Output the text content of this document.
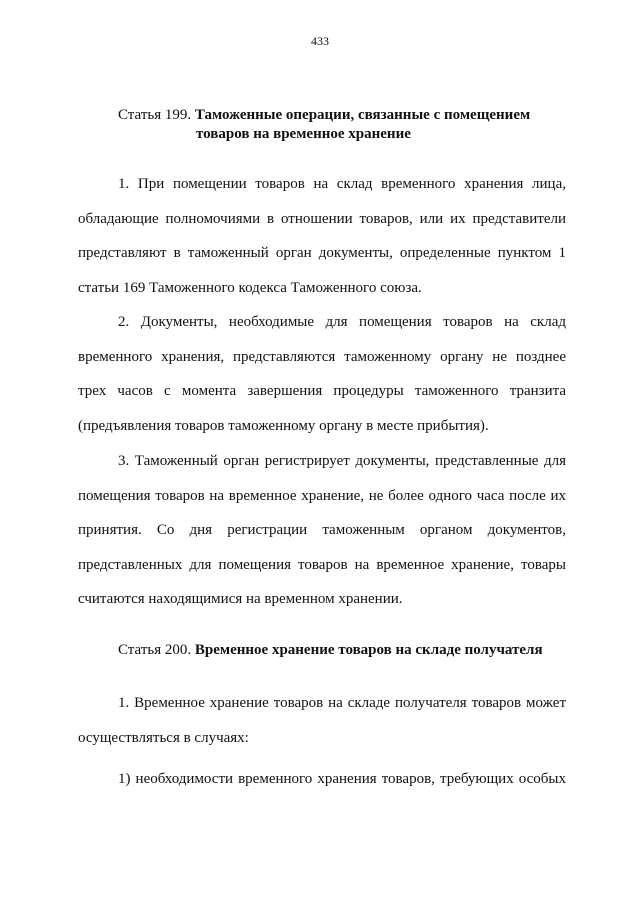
433
Статья 199. Таможенные операции, связанные с помещением
товаров на временное хранение
1. При помещении товаров на склад временного хранения лица,
обладающие полномочиями в отношении товаров, или их представители
представляют в таможенный орган документы, определенные пунктом 1
статьи 169 Таможенного кодекса Таможенного союза.
2. Документы, необходимые для помещения товаров на склад
временного хранения, представляются таможенному органу не позднее
трех часов с момента завершения процедуры таможенного транзита
(предъявления товаров таможенному органу в месте прибытия).
3. Таможенный орган регистрирует документы, представленные для
помещения товаров на временное хранение, не более одного часа после их
принятия. Со дня регистрации таможенным органом документов,
представленных для помещения товаров на временное хранение, товары
считаются находящимися на временном хранении.
Статья 200. Временное хранение товаров на складе получателя
1. Временное хранение товаров на складе получателя товаров может
осуществляться в случаях:
1) необходимости временного хранения товаров, требующих особых
